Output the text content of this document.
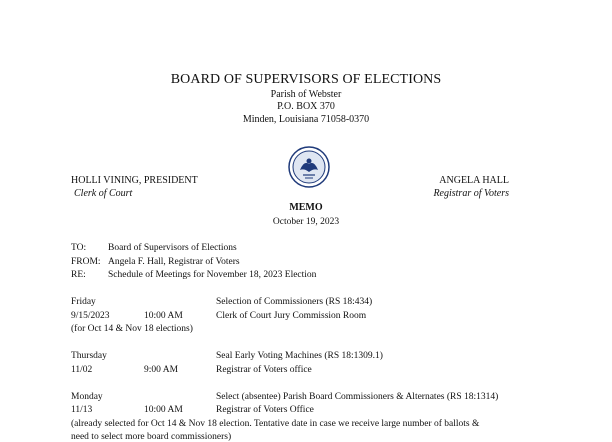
BOARD OF SUPERVISORS OF ELECTIONS
Parish of Webster
P.O. BOX 370
Minden, Louisiana 71058-0370
HOLLI VINING, PRESIDENT
Clerk of Court
ANGELA HALL
Registrar of Voters
MEMO
October 19, 2023
TO: Board of Supervisors of Elections
FROM: Angela F. Hall, Registrar of Voters
RE: Schedule of Meetings for November 18, 2023 Election
Friday	Selection of Commissioners (RS 18:434)
9/15/2023	10:00 AM	Clerk of Court Jury Commission Room
(for Oct 14 & Nov 18 elections)
Thursday	Seal Early Voting Machines (RS 18:1309.1)
11/02	9:00 AM	Registrar of Voters office
Monday	Select (absentee) Parish Board Commissioners & Alternates (RS 18:1314)
11/13	10:00 AM	Registrar of Voters Office
(already selected for Oct 14 & Nov 18 election. Tentative date in case we receive large number of ballots &
need to select more board commissioners)
